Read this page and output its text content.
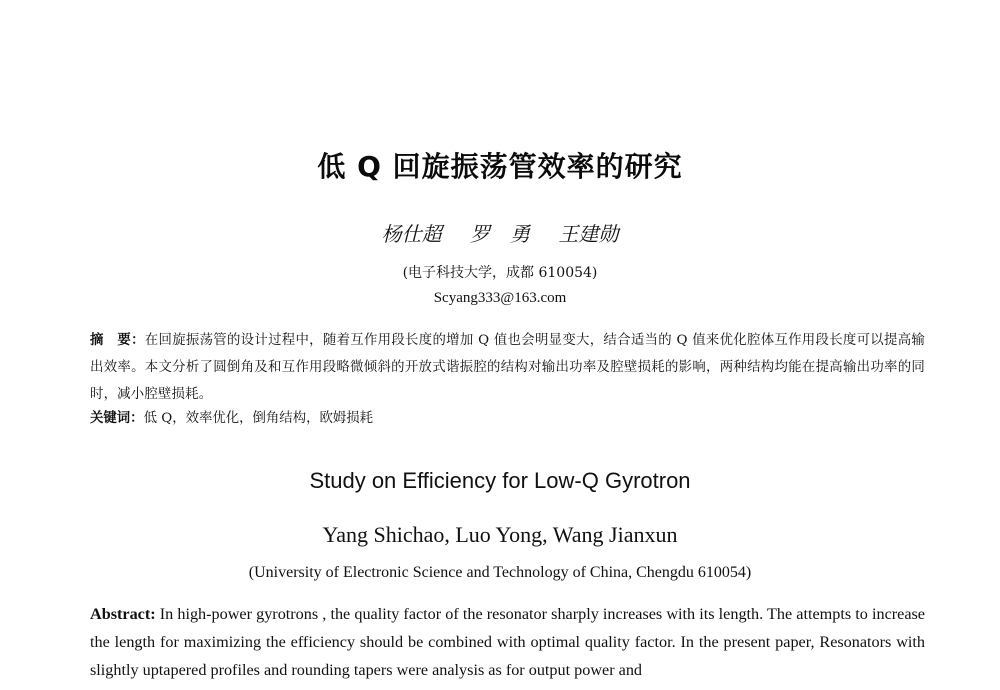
低 Q 回旋振荡管效率的研究
杨仕超 罗　勇 王建勋
(电子科技大学，成都 610054)
Scyang333@163.com
摘　要：在回旋振荡管的设计过程中，随着互作用段长度的增加 Q 值也会明显变大，结合适当的 Q 值来优化腔体互作用段长度可以提高输出效率。本文分析了圆倒角及和互作用段略微倾斜的开放式谐振腔的结构对输出功率及腔壁损耗的影响，两种结构均能在提高输出功率的同时，减小腔壁损耗。
关键词：低 Q，效率优化，倒角结构，欧姆损耗
Study on Efficiency for Low-Q Gyrotron
Yang Shichao, Luo Yong, Wang Jianxun
(University of Electronic Science and Technology of China, Chengdu 610054)
Abstract: In high-power gyrotrons , the quality factor of the resonator sharply increases with its length. The attempts to increase the length for maximizing the efficiency should be combined with optimal quality factor. In the present paper, Resonators with slightly uptapered profiles and rounding tapers were analysis as for output power and
